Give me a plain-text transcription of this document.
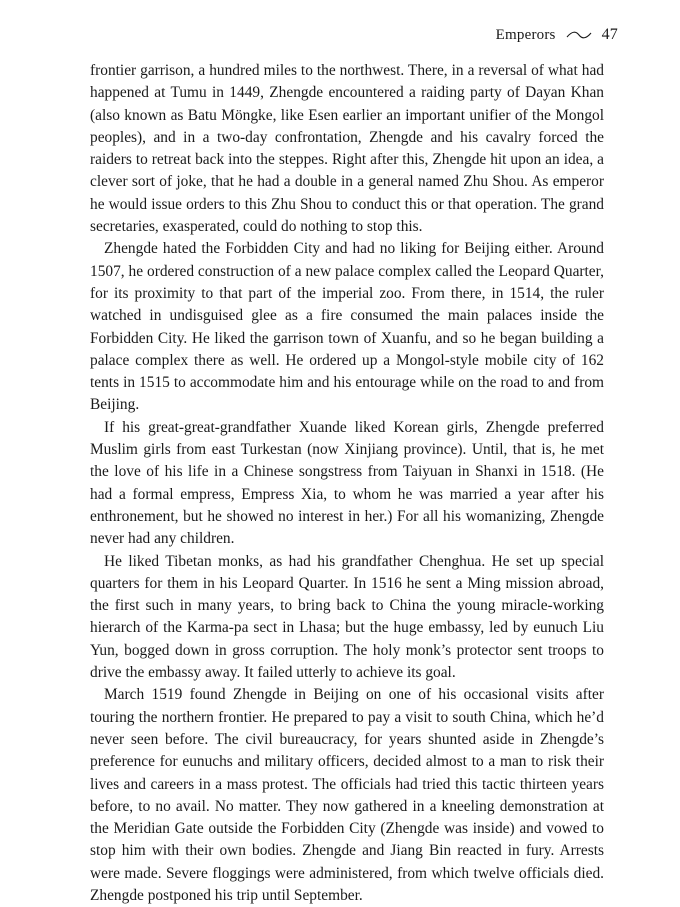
Emperors	47

frontier garrison, a hundred miles to the northwest. There, in a reversal of what had happened at Tumu in 1449, Zhengde encountered a raiding party of Dayan Khan (also known as Batu Möngke, like Esen earlier an important unifier of the Mongol peoples), and in a two-day confrontation, Zhengde and his cavalry forced the raiders to retreat back into the steppes. Right after this, Zhengde hit upon an idea, a clever sort of joke, that he had a double in a general named Zhu Shou. As emperor he would issue orders to this Zhu Shou to conduct this or that operation. The grand secretaries, exasperated, could do nothing to stop this.

Zhengde hated the Forbidden City and had no liking for Beijing either. Around 1507, he ordered construction of a new palace complex called the Leopard Quarter, for its proximity to that part of the imperial zoo. From there, in 1514, the ruler watched in undisguised glee as a fire consumed the main palaces inside the Forbidden City. He liked the garrison town of Xuanfu, and so he began building a palace complex there as well. He ordered up a Mongol-style mobile city of 162 tents in 1515 to accommodate him and his entourage while on the road to and from Beijing.

If his great-great-grandfather Xuande liked Korean girls, Zhengde preferred Muslim girls from east Turkestan (now Xinjiang province). Until, that is, he met the love of his life in a Chinese songstress from Taiyuan in Shanxi in 1518. (He had a formal empress, Empress Xia, to whom he was married a year after his enthronement, but he showed no interest in her.) For all his womanizing, Zhengde never had any children.

He liked Tibetan monks, as had his grandfather Chenghua. He set up special quarters for them in his Leopard Quarter. In 1516 he sent a Ming mission abroad, the first such in many years, to bring back to China the young miracle-working hierarch of the Karma-pa sect in Lhasa; but the huge embassy, led by eunuch Liu Yun, bogged down in gross corruption. The holy monk’s protector sent troops to drive the embassy away. It failed utterly to achieve its goal.

March 1519 found Zhengde in Beijing on one of his occasional visits after touring the northern frontier. He prepared to pay a visit to south China, which he’d never seen before. The civil bureaucracy, for years shunted aside in Zhengde’s preference for eunuchs and military officers, decided almost to a man to risk their lives and careers in a mass protest. The officials had tried this tactic thirteen years before, to no avail. No matter. They now gathered in a kneeling demonstration at the Meridian Gate outside the Forbidden City (Zhengde was inside) and vowed to stop him with their own bodies. Zhengde and Jiang Bin reacted in fury. Arrests were made. Severe floggings were administered, from which twelve officials died. Zhengde postponed his trip until September.
